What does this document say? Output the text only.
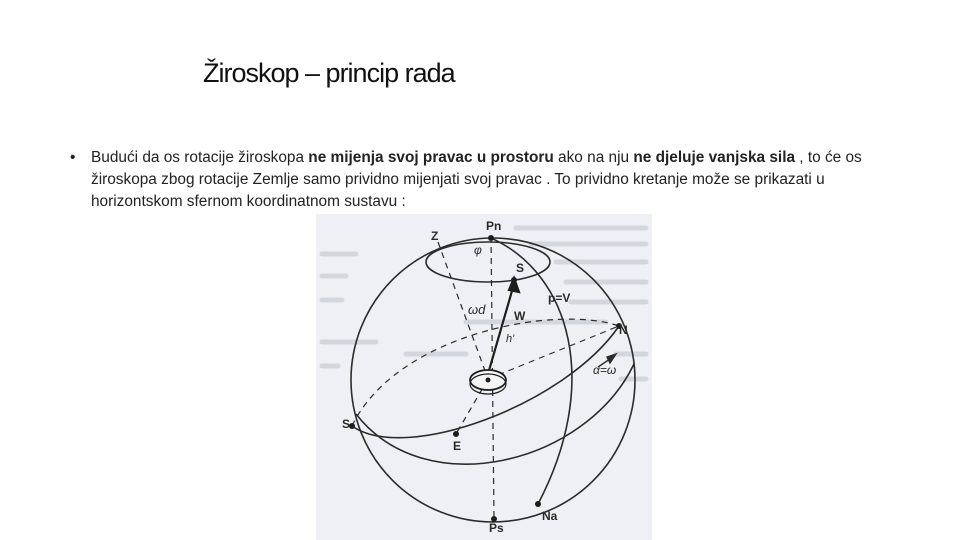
Žiroskop – princip rada
• Budući da os rotacije žiroskopa ne mijenja svoj pravac u prostoru ako na nju ne djeluje vanjska sila , to će os žiroskopa zbog rotacije Zemlje samo prividno mijenjati svoj pravac . To prividno kretanje može se prikazati u horizontskom sfernom koordinatnom sustavu :
Z
Pn
φ
S
p=V
ωd W
h'
N
α=ω
S
E
Ps
Na
